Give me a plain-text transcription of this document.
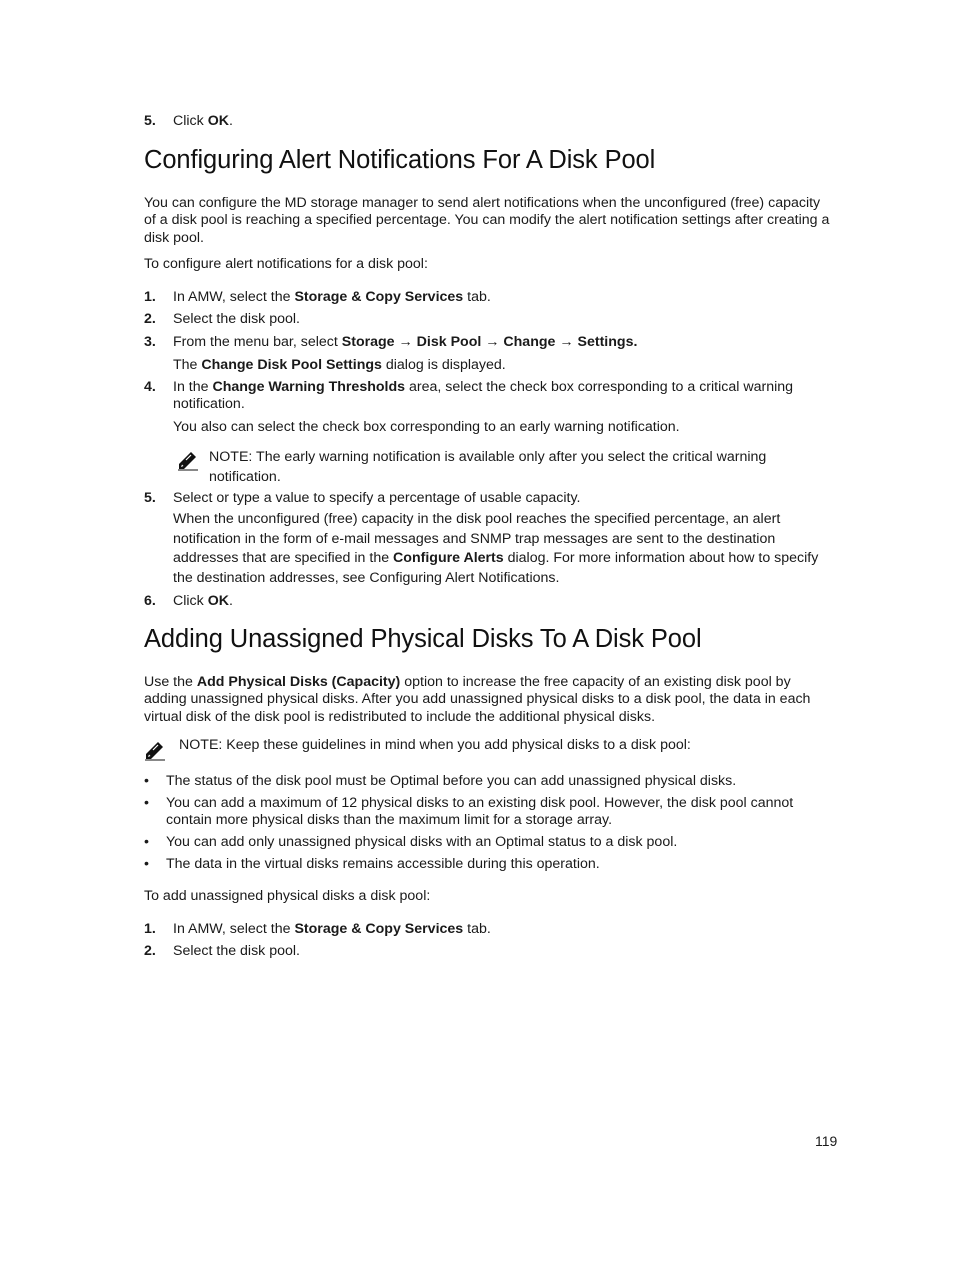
5. Click OK.
Configuring Alert Notifications For A Disk Pool
You can configure the MD storage manager to send alert notifications when the unconfigured (free) capacity of a disk pool is reaching a specified percentage. You can modify the alert notification settings after creating a disk pool.
To configure alert notifications for a disk pool:
1. In AMW, select the Storage & Copy Services tab.
2. Select the disk pool.
3. From the menu bar, select Storage → Disk Pool → Change → Settings.
The Change Disk Pool Settings dialog is displayed.
4. In the Change Warning Thresholds area, select the check box corresponding to a critical warning notification.
You also can select the check box corresponding to an early warning notification.
NOTE: The early warning notification is available only after you select the critical warning notification.
5. Select or type a value to specify a percentage of usable capacity.
When the unconfigured (free) capacity in the disk pool reaches the specified percentage, an alert notification in the form of e-mail messages and SNMP trap messages are sent to the destination addresses that are specified in the Configure Alerts dialog. For more information about how to specify the destination addresses, see Configuring Alert Notifications.
6. Click OK.
Adding Unassigned Physical Disks To A Disk Pool
Use the Add Physical Disks (Capacity) option to increase the free capacity of an existing disk pool by adding unassigned physical disks. After you add unassigned physical disks to a disk pool, the data in each virtual disk of the disk pool is redistributed to include the additional physical disks.
NOTE: Keep these guidelines in mind when you add physical disks to a disk pool:
• The status of the disk pool must be Optimal before you can add unassigned physical disks.
• You can add a maximum of 12 physical disks to an existing disk pool. However, the disk pool cannot contain more physical disks than the maximum limit for a storage array.
• You can add only unassigned physical disks with an Optimal status to a disk pool.
• The data in the virtual disks remains accessible during this operation.
To add unassigned physical disks a disk pool:
1. In AMW, select the Storage & Copy Services tab.
2. Select the disk pool.
119
